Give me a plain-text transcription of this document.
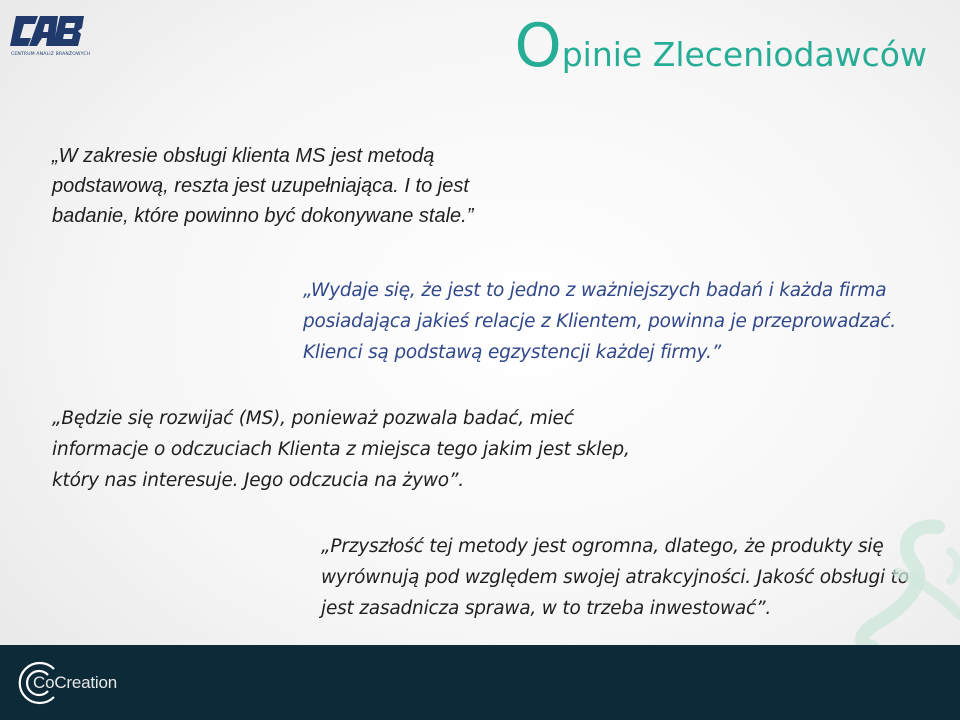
CENTRUM ANALIZ BRANŻOWYCH	Opinie Zleceniodawców

„W zakresie obsługi klienta MS jest metodą podstawową, reszta jest uzupełniająca. I to jest badanie, które powinno być dokonywane stale.”

„Wydaje się, że jest to jedno z ważniejszych badań i każda firma posiadająca jakieś relacje z Klientem, powinna je przeprowadzać. Klienci są podstawą egzystencji każdej firmy.”

„Będzie się rozwijać (MS), ponieważ pozwala badać, mieć informacje o odczuciach Klienta z miejsca tego jakim jest sklep, który nas interesuje. Jego odczucia na żywo”.

„Przyszłość tej metody jest ogromna, dlatego, że produkty się wyrównują pod względem swojej atrakcyjności. Jakość obsługi to jest zasadnicza sprawa, w to trzeba inwestować”.

CoCreation
